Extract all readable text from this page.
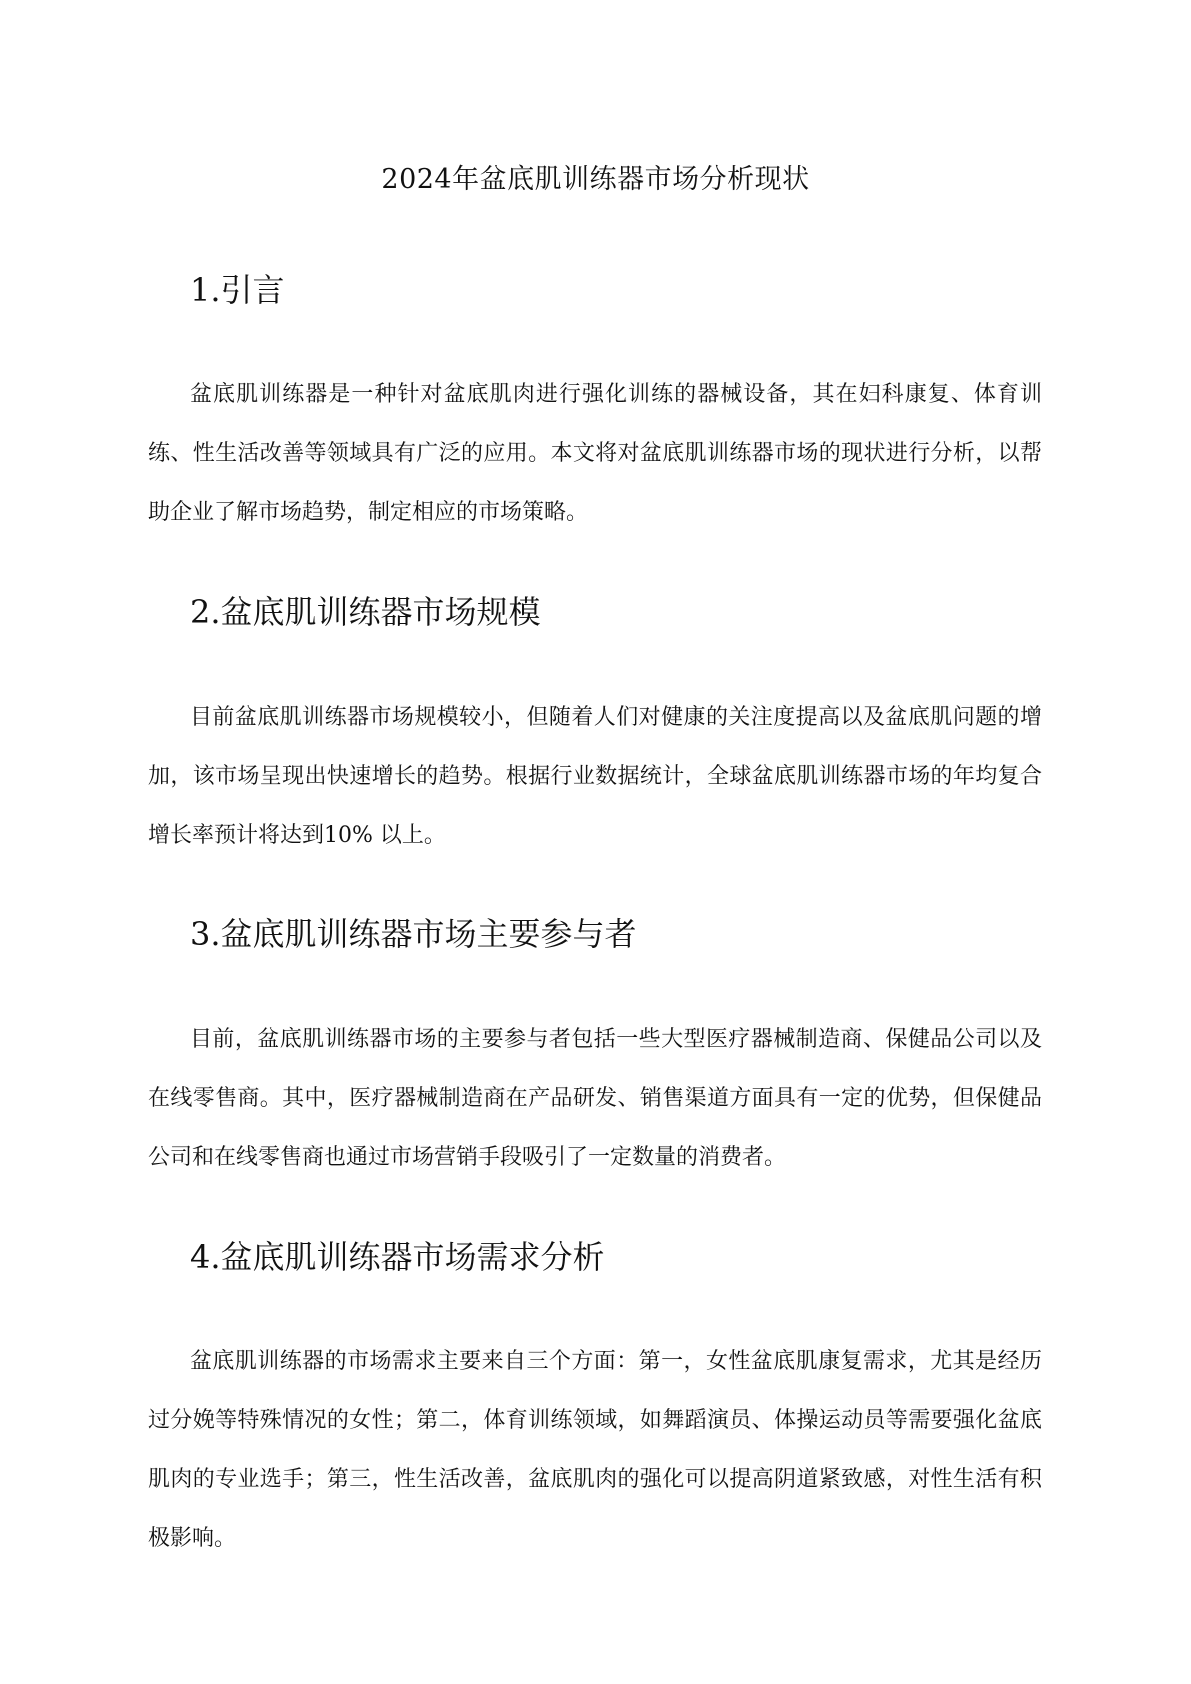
2024年盆底肌训练器市场分析现状
1.引言

盆底肌训练器是一种针对盆底肌肉进行强化训练的器械设备，其在妇科康复、体育训练、性生活改善等领域具有广泛的应用。本文将对盆底肌训练器市场的现状进行分析，以帮助企业了解市场趋势，制定相应的市场策略。

2.盆底肌训练器市场规模

目前盆底肌训练器市场规模较小，但随着人们对健康的关注度提高以及盆底肌问题的增加，该市场呈现出快速增长的趋势。根据行业数据统计，全球盆底肌训练器市场的年均复合增长率预计将达到10% 以上。

3.盆底肌训练器市场主要参与者

目前，盆底肌训练器市场的主要参与者包括一些大型医疗器械制造商、保健品公司以及在线零售商。其中，医疗器械制造商在产品研发、销售渠道方面具有一定的优势，但保健品公司和在线零售商也通过市场营销手段吸引了一定数量的消费者。

4.盆底肌训练器市场需求分析

盆底肌训练器的市场需求主要来自三个方面：第一，女性盆底肌康复需求，尤其是经历过分娩等特殊情况的女性；第二，体育训练领域，如舞蹈演员、体操运动员等需要强化盆底肌肉的专业选手；第三，性生活改善，盆底肌肉的强化可以提高阴道紧致感，对性生活有积极影响。
